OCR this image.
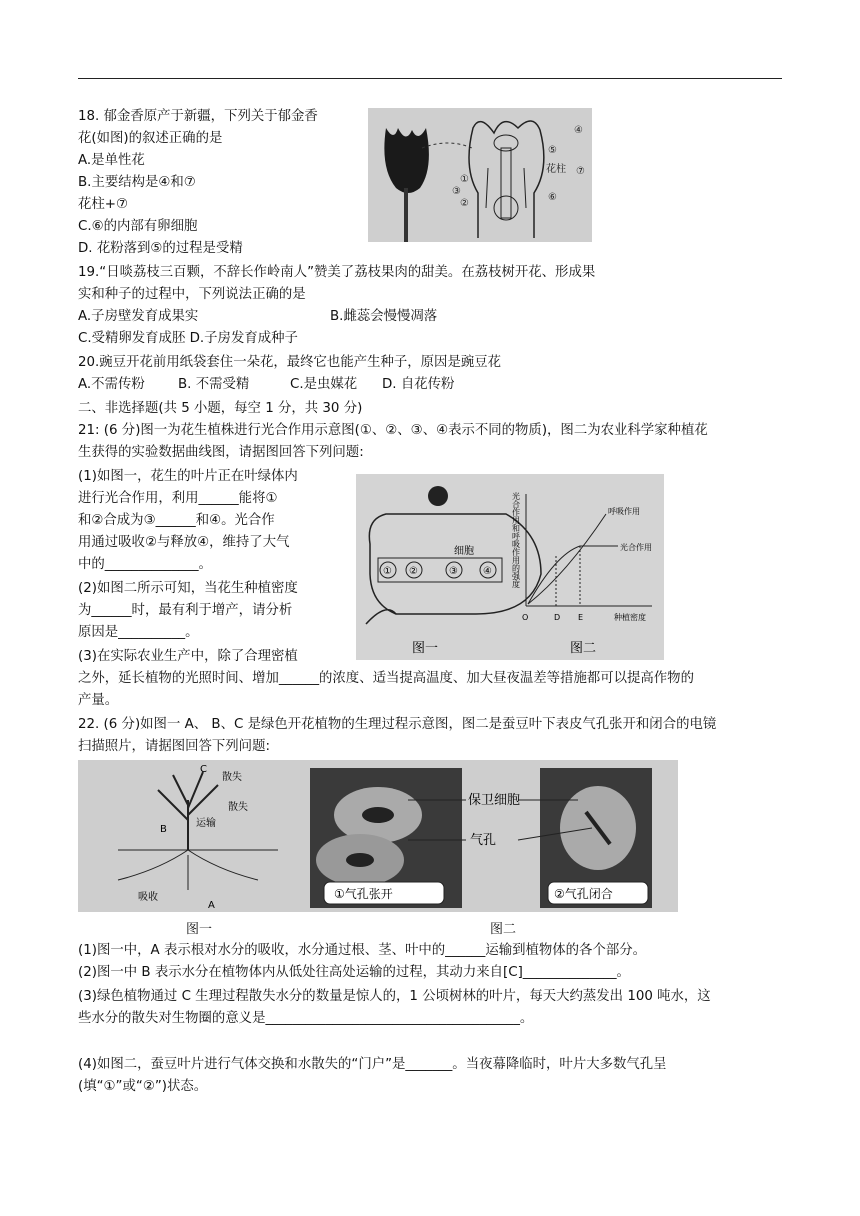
18. 郁金香原产于新疆，下列关于郁金香
花(如图)的叙述正确的是
A.是单性花
B.主要结构是④和⑦
花柱+⑦
C.⑥的内部有卵细胞
D. 花粉落到⑤的过程是受精
④
⑤
花柱 ⑦
①
③
②
⑥
19.“日啖荔枝三百颗，不辞长作岭南人”赞美了荔枝果肉的甜美。在荔枝树开花、形成果
实和种子的过程中，下列说法正确的是
A.子房壁发育成果实	B.雌蕊会慢慢凋落
C.受精卵发育成胚 D.子房发育成种子
20.豌豆开花前用纸袋套住一朵花，最终它也能产生种子，原因是豌豆花
A.不需传粉 B. 不需受精	C.是虫媒花 D. 自花传粉
二、非选择题(共 5 小题，每空 1 分，共 30 分)
21: (6 分)图一为花生植株进行光合作用示意图(①、②、③、④表示不同的物质)，图二为农业科学家种植花
生获得的实验数据曲线图，请据图回答下列问题:
(1)如图一，花生的叶片正在叶绿体内
进行光合作用，利用______能将①
和②合成为③______和④。光合作
用通过吸收②与释放④，维持了大气
中的______________。
(2)如图二所示可知，当花生种植密度
为______时，最有利于增产，请分析
原因是__________。
(3)在实际农业生产中，除了合理密植
之外，延长植物的光照时间、增加______的浓度、适当提高温度、加大昼夜温差等措施都可以提高作物的
产量。
① ②	③	④
细胞
图一
光合作用和呼吸作用的强度
种植密度
O	D E
呼吸作用
光合作用
图二
22. (6 分)如图一 A、 B、C 是绿色开花植物的生理过程示意图，图二是蚕豆叶下表皮气孔张开和闭合的电镜
扫描照片，请据图回答下列问题:
C
散失
散失
B
运输
吸收
A
①气孔张开	②气孔闭合
保卫细胞
气孔
图一	图二
(1)图一中，A 表示根对水分的吸收，水分通过根、茎、叶中的______运输到植物体的各个部分。
(2)图一中 B 表示水分在植物体内从低处往高处运输的过程，其动力来自[C]______________。
(3)绿色植物通过 C 生理过程散失水分的数量是惊人的，1 公顷树林的叶片，每天大约蒸发出 100 吨水，这
些水分的散失对生物圈的意义是______________________________________。
(4)如图二，蚕豆叶片进行气体交换和水散失的“门户”是_______。当夜幕降临时，叶片大多数气孔呈
(填“①”或“②”)状态。
